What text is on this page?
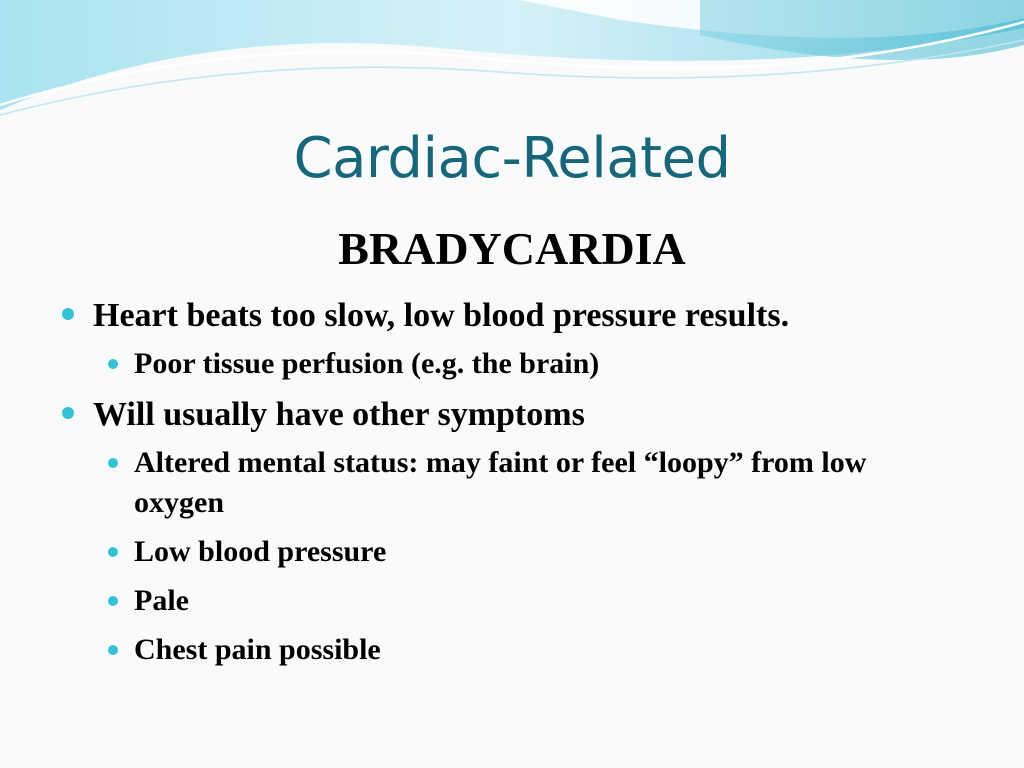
Cardiac-Related
BRADYCARDIA
Heart beats too slow, low blood pressure results.
Poor tissue perfusion (e.g. the brain)
Will usually have other symptoms
Altered mental status: may faint or feel “loopy” from low oxygen
Low blood pressure
Pale
Chest pain possible
